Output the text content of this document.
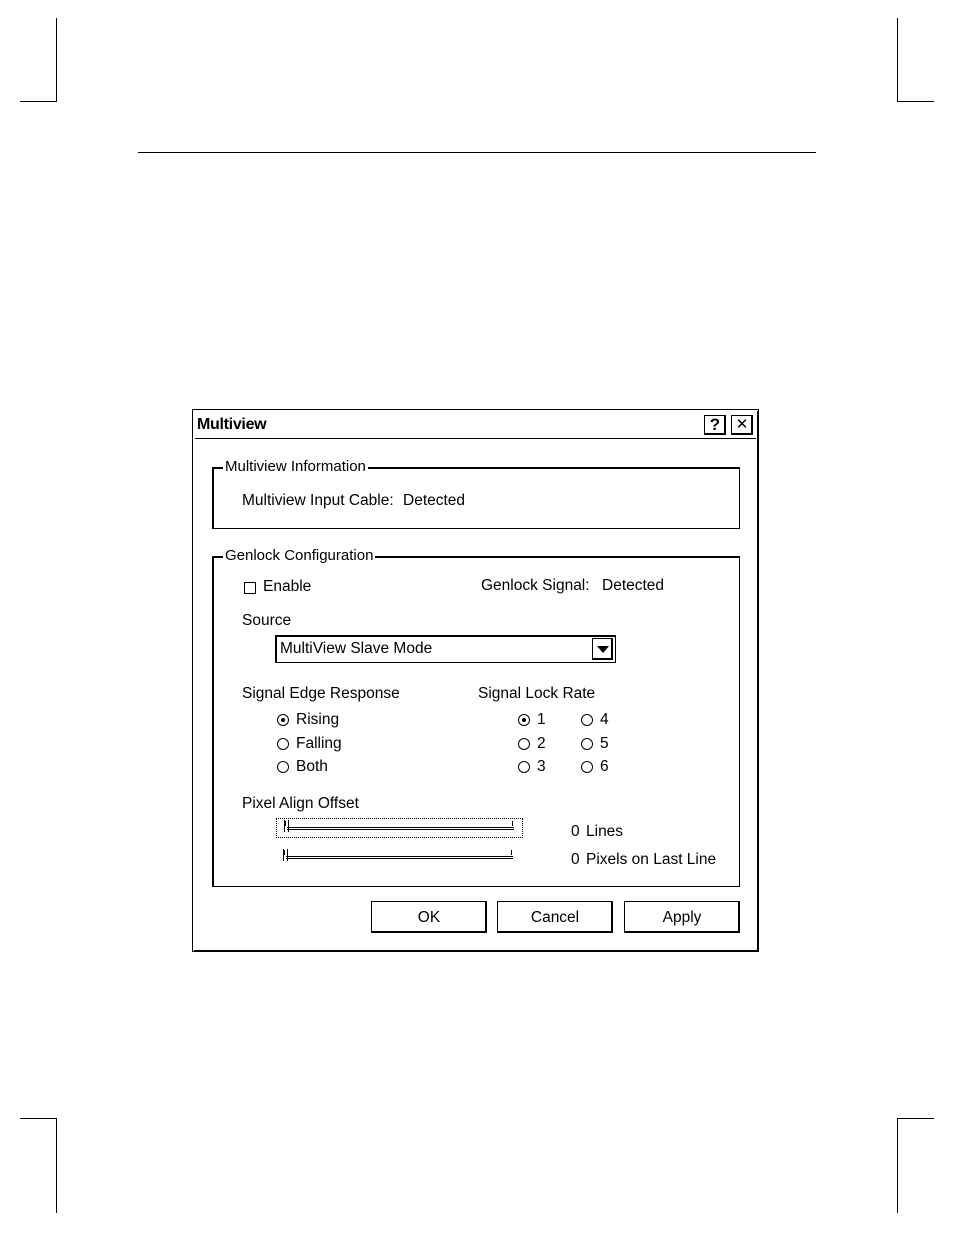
Multiview	?	✕
Multiview Information
Multiview Input Cable: Detected
Genlock Configuration
Enable	Genlock Signal: Detected
Source
MultiView Slave Mode
Signal Edge Response	Signal Lock Rate
Rising
Falling
Both
1
2
3
4
5
6
Pixel Align Offset
0 Lines
0 Pixels on Last Line
OK	Cancel	Apply
